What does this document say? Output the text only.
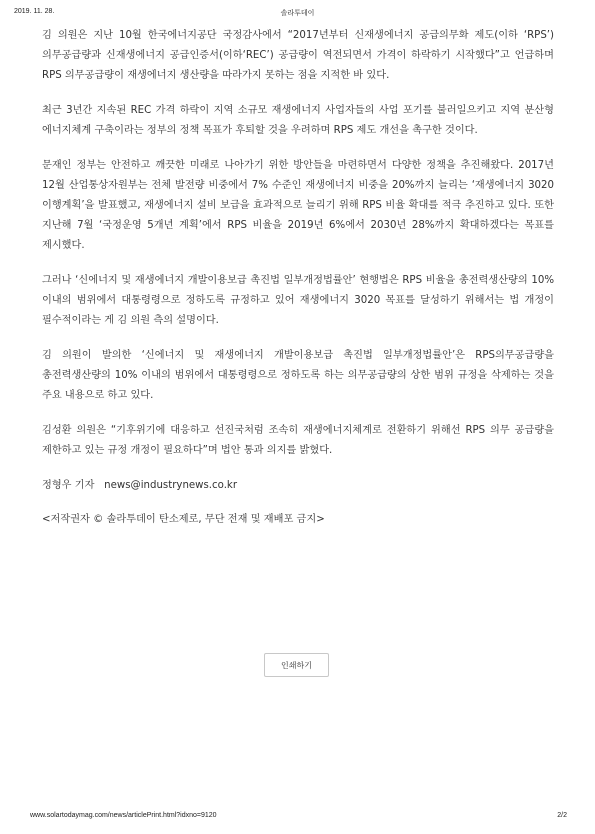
2019. 11. 28.	솔라투데이

김 의원은 지난 10월 한국에너지공단 국정감사에서 “2017년부터 신재생에너지 공급의무화 제도(이하 ‘RPS’) 의무공급량과 신재생에너지 공급인증서(이하‘REC’) 공급량이 역전되면서 가격이 하락하기 시작했다”고 언급하며 RPS 의무공급량이 재생에너지 생산량을 따라가지 못하는 점을 지적한 바 있다.

최근 3년간 지속된 REC 가격 하락이 지역 소규모 재생에너지 사업자들의 사업 포기를 불러일으키고 지역 분산형 에너지체계 구축이라는 정부의 정책 목표가 후퇴할 것을 우려하며 RPS 제도 개선을 촉구한 것이다.

문재인 정부는 안전하고 깨끗한 미래로 나아가기 위한 방안들을 마련하면서 다양한 정책을 추진해왔다. 2017년 12월 산업통상자원부는 전체 발전량 비중에서 7% 수준인 재생에너지 비중을 20%까지 늘리는 ‘재생에너지 3020 이행계획’을 발표했고, 재생에너지 설비 보급을 효과적으로 늘리기 위해 RPS 비율 확대를 적극 추진하고 있다. 또한 지난해 7월 ‘국정운영 5개년 계획’에서 RPS 비율을 2019년 6%에서 2030년 28%까지 확대하겠다는 목표를 제시했다.

그러나 ‘신에너지 및 재생에너지 개발이용보급 촉진법 일부개정법률안’ 현행법은 RPS 비율을 총전력생산량의 10% 이내의 범위에서 대통령령으로 정하도록 규정하고 있어 재생에너지 3020 목표를 달성하기 위해서는 법 개정이 필수적이라는 게 김 의원 측의 설명이다.

김 의원이 발의한 ‘신에너지 및 재생에너지 개발이용보급 촉진법 일부개정법률안’은 RPS의무공급량을 총전력생산량의 10% 이내의 범위에서 대통령령으로 정하도록 하는 의무공급량의 상한 범위 규정을 삭제하는 것을 주요 내용으로 하고 있다.

김성환 의원은 “기후위기에 대응하고 선진국처럼 조속히 재생에너지체계로 전환하기 위해선 RPS 의무 공급량을 제한하고 있는 규정 개정이 필요하다”며 법안 통과 의지를 밝혔다.

정형우 기자   news@industrynews.co.kr

<저작권자 © 솔라투데이 탄소제로, 무단 전재 및 재배포 금지>

인쇄하기
www.solartodaymag.com/news/articlePrint.html?idxno=9120	2/2
